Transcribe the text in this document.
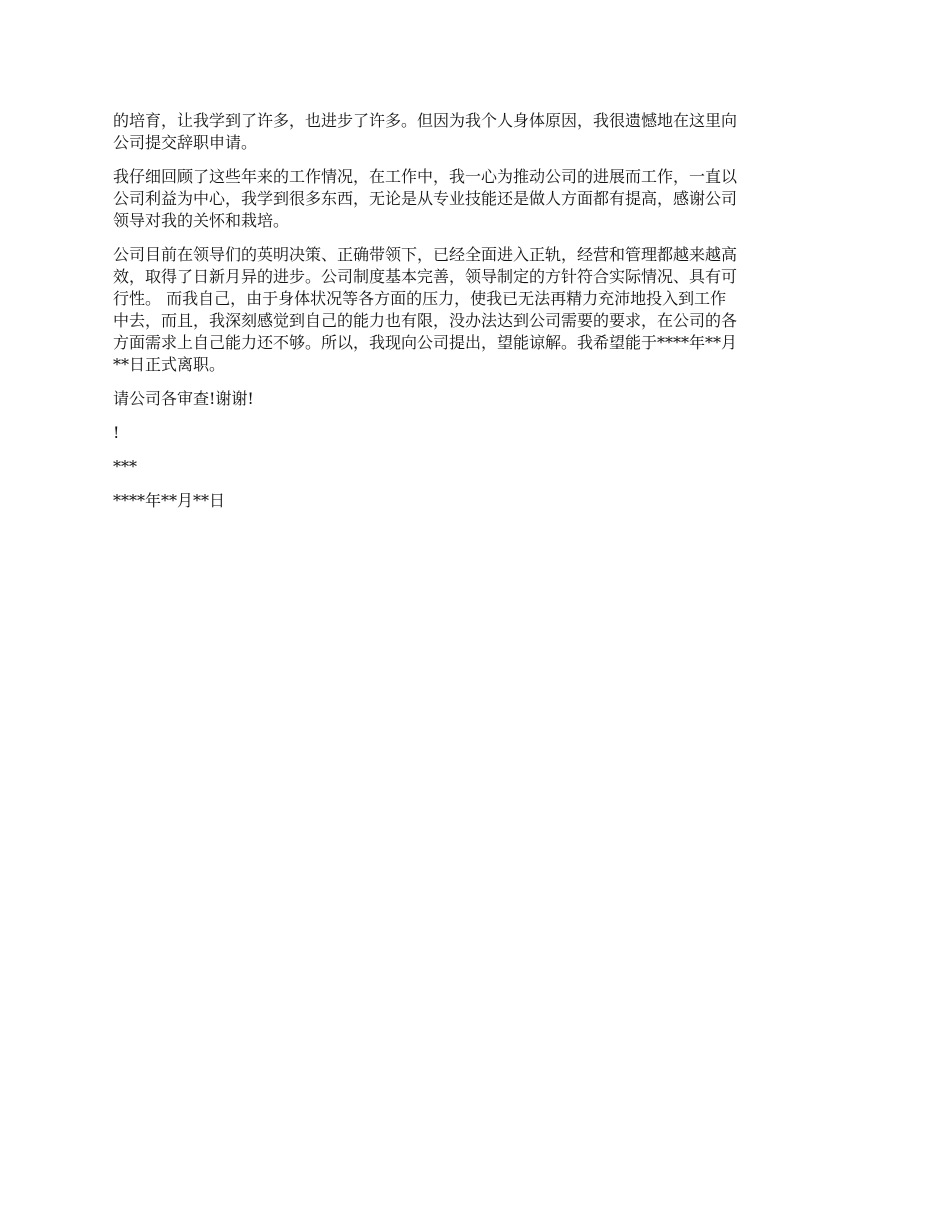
的培育，让我学到了许多，也进步了许多。但因为我个人身体原因，我很遗憾地在这里向
公司提交辞职申请。
我仔细回顾了这些年来的工作情况，在工作中，我一心为推动公司的进展而工作，一直以
公司利益为中心，我学到很多东西，无论是从专业技能还是做人方面都有提高，感谢公司
领导对我的关怀和栽培。
公司目前在领导们的英明决策、正确带领下，已经全面进入正轨，经营和管理都越来越高
效，取得了日新月异的进步。公司制度基本完善，领导制定的方针符合实际情况、具有可
行性。 而我自己，由于身体状况等各方面的压力，使我已无法再精力充沛地投入到工作
中去，而且，我深刻感觉到自己的能力也有限，没办法达到公司需要的要求，在公司的各
方面需求上自己能力还不够。所以，我现向公司提出，望能谅解。我希望能于****年**月
**日正式离职。
请公司各审查!谢谢!
!
***
****年**月**日
